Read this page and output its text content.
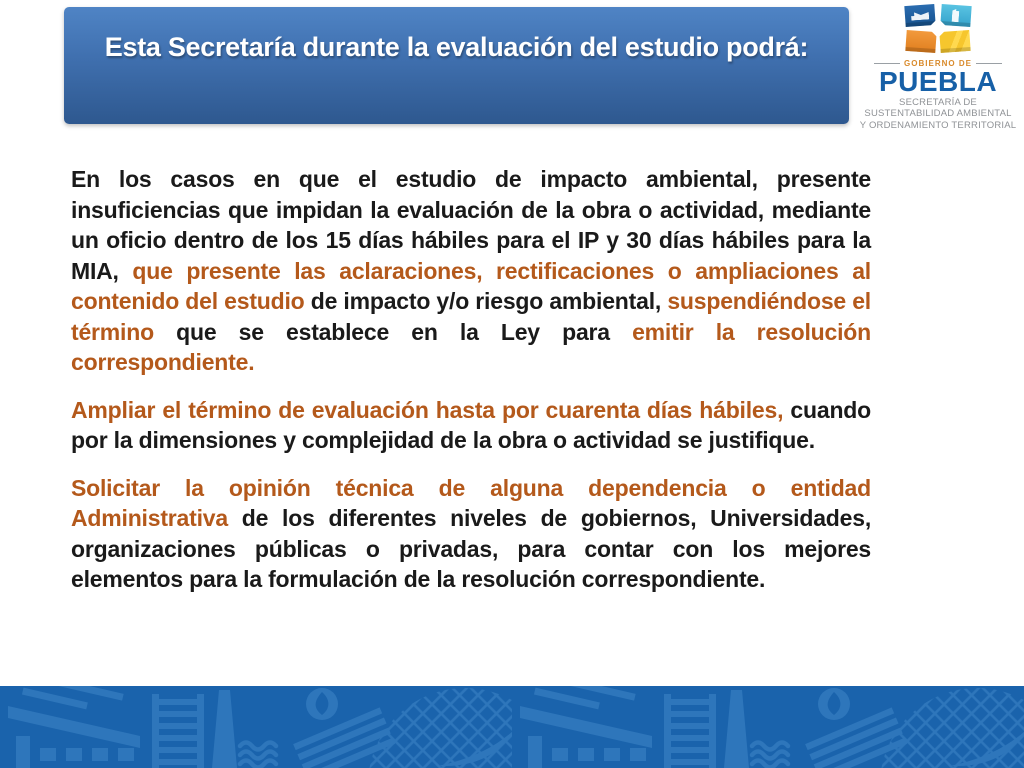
Esta Secretaría durante la evaluación del estudio podrá:
GOBIERNO DE
PUEBLA
SECRETARÍA DE
SUSTENTABILIDAD AMBIENTAL
Y ORDENAMIENTO TERRITORIAL

En los casos en que el estudio de impacto ambiental, presente insuficiencias que impidan la evaluación de la obra o actividad, mediante un oficio dentro de los 15 días hábiles para el IP y 30 días hábiles para la MIA, que presente las aclaraciones, rectificaciones o ampliaciones al contenido del estudio de impacto y/o riesgo ambiental, suspendiéndose el término que se establece en la Ley para emitir la resolución correspondiente.

Ampliar el término de evaluación hasta por cuarenta días hábiles, cuando por la dimensiones y complejidad de la obra o actividad se justifique.

Solicitar la opinión técnica de alguna dependencia o entidad Administrativa de los diferentes niveles de gobiernos, Universidades, organizaciones públicas o privadas, para contar con los mejores elementos para la formulación de la resolución correspondiente.
